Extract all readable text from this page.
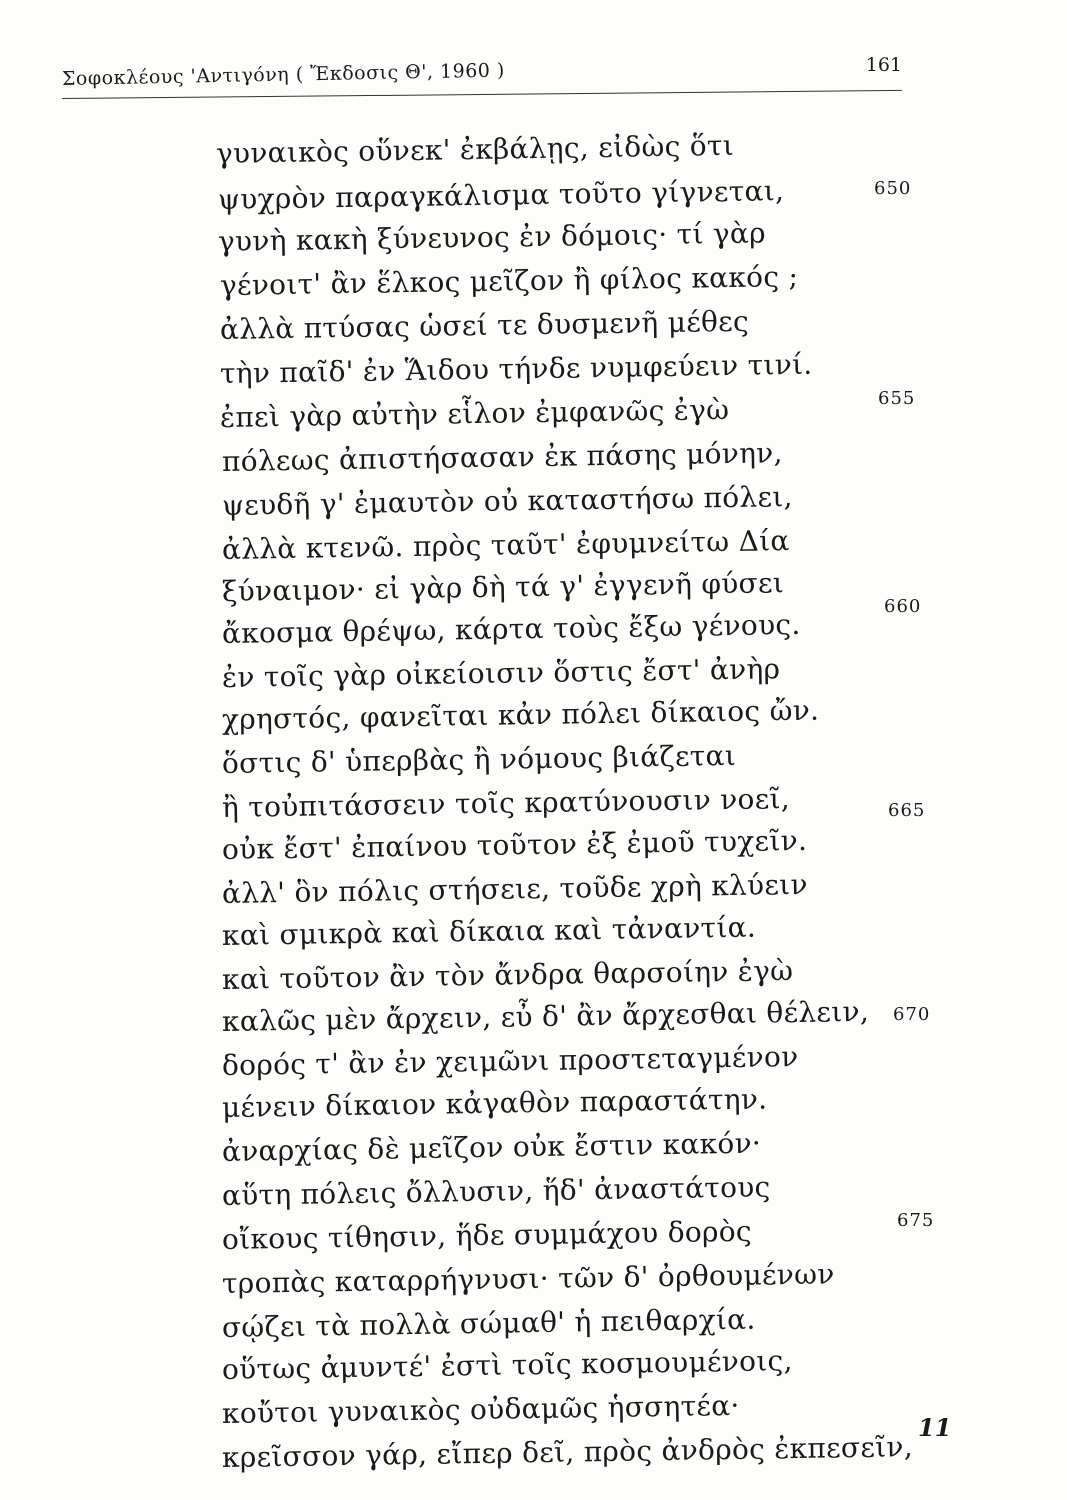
Σοφοκλέους 'Αντιγόνη ( Ἔκδοσις Θ', 1960 )	161
γυναικὸς οὕνεκ' ἐκβάλῃς, εἰδὼς ὅτι
ψυχρὸν παραγκάλισμα τοῦτο γίγνεται,
γυνὴ κακὴ ξύνευνος ἐν δόμοις· τί γὰρ
γένοιτ' ἂν ἕλκος μεῖζον ἢ φίλος κακός ;
ἀλλὰ πτύσας ὡσεί τε δυσμενῆ μέθες
τὴν παῖδ' ἐν Ἅιδου τήνδε νυμφεύειν τινί.
ἐπεὶ γὰρ αὐτὴν εἷλον ἐμφανῶς ἐγὼ
πόλεως ἀπιστήσασαν ἐκ πάσης μόνην,
ψευδῆ γ' ἐμαυτὸν οὐ καταστήσω πόλει,
ἀλλὰ κτενῶ. πρὸς ταῦτ' ἐφυμνείτω Δία
ξύναιμον· εἰ γὰρ δὴ τά γ' ἐγγενῆ φύσει
ἄκοσμα θρέψω, κάρτα τοὺς ἔξω γένους.
ἐν τοῖς γὰρ οἰκείοισιν ὅστις ἔστ' ἀνὴρ
χρηστός, φανεῖται κἀν πόλει δίκαιος ὤν.
ὅστις δ' ὑπερβὰς ἢ νόμους βιάζεται
ἢ τοὐπιτάσσειν τοῖς κρατύνουσιν νοεῖ,
οὐκ ἔστ' ἐπαίνου τοῦτον ἐξ ἐμοῦ τυχεῖν.
ἀλλ' ὃν πόλις στήσειε, τοῦδε χρὴ κλύειν
καὶ σμικρὰ καὶ δίκαια καὶ τἀναντία.
καὶ τοῦτον ἂν τὸν ἄνδρα θαρσοίην ἐγὼ
καλῶς μὲν ἄρχειν, εὖ δ' ἂν ἄρχεσθαι θέλειν,
δορός τ' ἂν ἐν χειμῶνι προστεταγμένον
μένειν δίκαιον κἀγαθὸν παραστάτην.
ἀναρχίας δὲ μεῖζον οὐκ ἔστιν κακόν·
αὕτη πόλεις ὄλλυσιν, ἥδ' ἀναστάτους
οἴκους τίθησιν, ἥδε συμμάχου δορὸς
τροπὰς καταρρήγνυσι· τῶν δ' ὀρθουμένων
σῴζει τὰ πολλὰ σώμαθ' ἡ πειθαρχία.
οὕτως ἀμυντέ' ἐστὶ τοῖς κοσμουμένοις,
κοὔτοι γυναικὸς οὐδαμῶς ἡσσητέα·
κρεῖσσον γάρ, εἴπερ δεῖ, πρὸς ἀνδρὸς ἐκπεσεῖν,
650
655
660
665
670
675
11
